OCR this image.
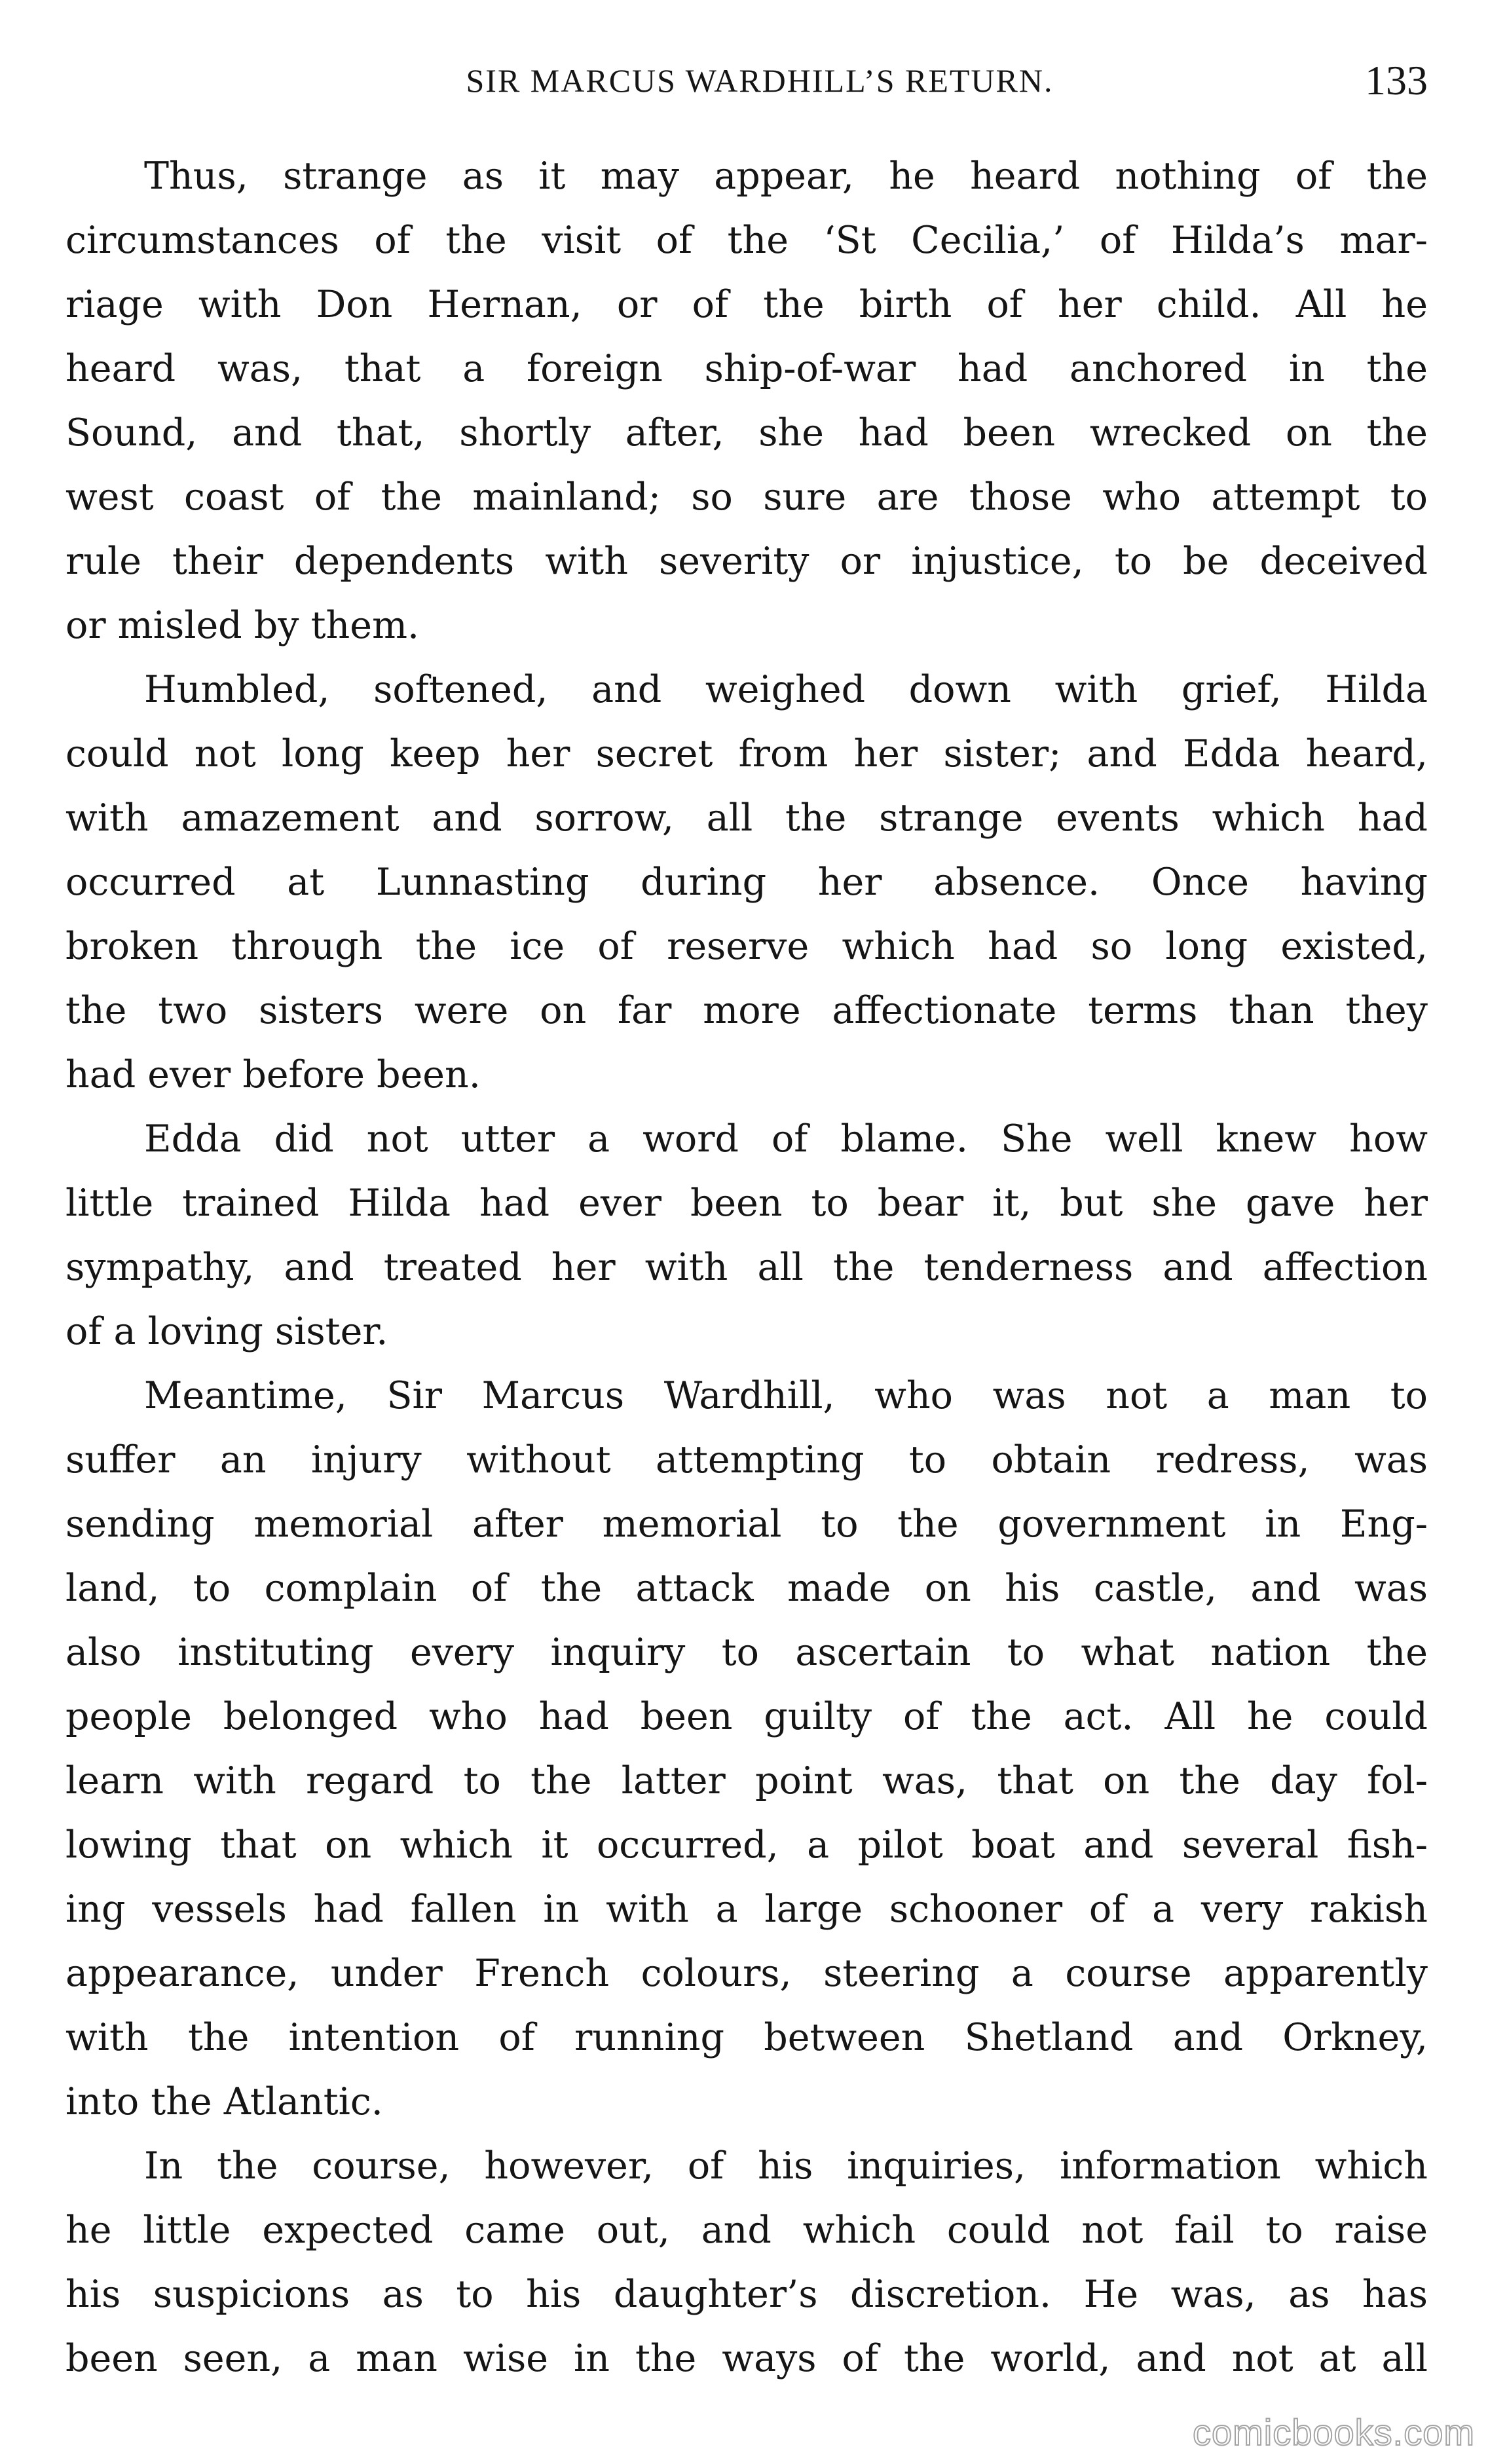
SIR MARCUS WARDHILL’S RETURN.	133
Thus, strange as it may appear, he heard nothing of the
circumstances of the visit of the ‘St Cecilia,’ of Hilda’s mar-
riage with Don Hernan, or of the birth of her child. All he
heard was, that a foreign ship-of-war had anchored in the
Sound, and that, shortly after, she had been wrecked on the
west coast of the mainland; so sure are those who attempt to
rule their dependents with severity or injustice, to be deceived
or misled by them.
Humbled, softened, and weighed down with grief, Hilda
could not long keep her secret from her sister; and Edda heard,
with amazement and sorrow, all the strange events which had
occurred at Lunnasting during her absence. Once having
broken through the ice of reserve which had so long existed,
the two sisters were on far more affectionate terms than they
had ever before been.
Edda did not utter a word of blame. She well knew how
little trained Hilda had ever been to bear it, but she gave her
sympathy, and treated her with all the tenderness and affection
of a loving sister.
Meantime, Sir Marcus Wardhill, who was not a man to
suffer an injury without attempting to obtain redress, was
sending memorial after memorial to the government in Eng-
land, to complain of the attack made on his castle, and was
also instituting every inquiry to ascertain to what nation the
people belonged who had been guilty of the act. All he could
learn with regard to the latter point was, that on the day fol-
lowing that on which it occurred, a pilot boat and several fish-
ing vessels had fallen in with a large schooner of a very rakish
appearance, under French colours, steering a course apparently
with the intention of running between Shetland and Orkney,
into the Atlantic.
In the course, however, of his inquiries, information which
he little expected came out, and which could not fail to raise
his suspicions as to his daughter’s discretion. He was, as has
been seen, a man wise in the ways of the world, and not at all
comicbooks.com
